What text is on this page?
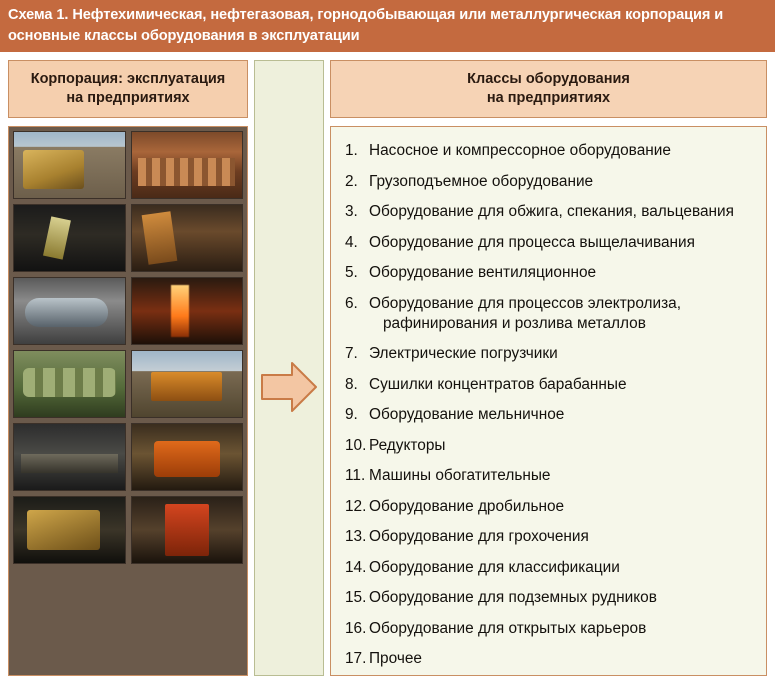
Схема 1. Нефтехимическая, нефтегазовая, горнодобывающая или металлургическая корпорация и основные классы оборудования в эксплуатации
Корпорация: эксплуатация
на предприятиях
Классы оборудования
на предприятиях
1. Насосное и компрессорное оборудование
2. Грузоподъемное оборудование
3. Оборудование для обжига, спекания, вальцевания
4. Оборудование для процесса выщелачивания
5. Оборудование вентиляционное
6. Оборудование для процессов электролиза,
рафинирования и розлива металлов
7. Электрические погрузчики
8. Сушилки концентратов барабанные
9. Оборудование мельничное
10. Редукторы
11. Машины обогатительные
12. Оборудование дробильное
13. Оборудование для грохочения
14. Оборудование для классификации
15. Оборудование для подземных рудников
16. Оборудование для открытых карьеров
17. Прочее
